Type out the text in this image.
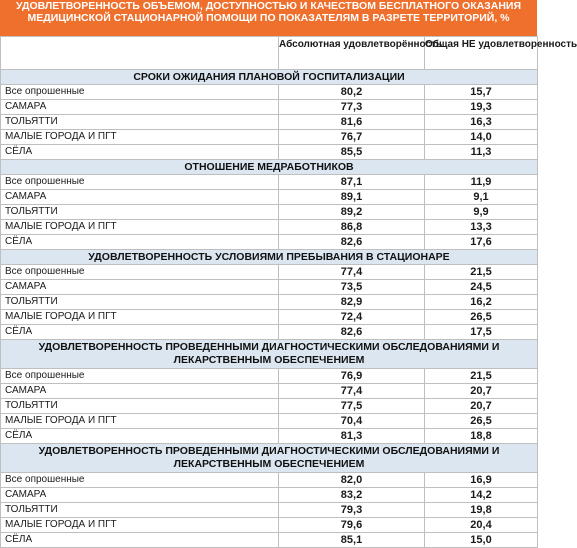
УДОВЛЕТВОРЕННОСТЬ ОБЪЕМОМ, ДОСТУПНОСТЬЮ И КАЧЕСТВОМ БЕСПЛАТНОГО ОКАЗАНИЯ МЕДИЦИНСКОЙ СТАЦИОНАРНОЙ ПОМОЩИ ПО ПОКАЗАТЕЛЯМ В РАЗРЕТЕ ТЕРРИТОРИЙ, %
	Абсолютная удовлетворённость	Общая НЕ удовлетворенность
СРОКИ ОЖИДАНИЯ ПЛАНОВОЙ ГОСПИТАЛИЗАЦИИ		
Все опрошенные	80,2	15,7
САМАРА	77,3	19,3
ТОЛЬЯТТИ	81,6	16,3
МАЛЫЕ ГОРОДА И ПГТ	76,7	14,0
СЁЛА	85,5	11,3
ОТНОШЕНИЕ МЕДРАБОТНИКОВ		
Все опрошенные	87,1	11,9
САМАРА	89,1	9,1
ТОЛЬЯТТИ	89,2	9,9
МАЛЫЕ ГОРОДА И ПГТ	86,8	13,3
СЁЛА	82,6	17,6
УДОВЛЕТВОРЕННОСТЬ УСЛОВИЯМИ ПРЕБЫВАНИЯ В СТАЦИОНАРЕ		
Все опрошенные	77,4	21,5
САМАРА	73,5	24,5
ТОЛЬЯТТИ	82,9	16,2
МАЛЫЕ ГОРОДА И ПГТ	72,4	26,5
СЁЛА	82,6	17,5
УДОВЛЕТВОРЕННОСТЬ ПРОВЕДЕННЫМИ ДИАГНОСТИЧЕСКИМИ ОБСЛЕДОВАНИЯМИ И ЛЕКАРСТВЕННЫМ ОБЕСПЕЧЕНИЕМ		
Все опрошенные	76,9	21,5
САМАРА	77,4	20,7
ТОЛЬЯТТИ	77,5	20,7
МАЛЫЕ ГОРОДА И ПГТ	70,4	26,5
СЁЛА	81,3	18,8
УДОВЛЕТВОРЕННОСТЬ ПРОВЕДЕННЫМИ ДИАГНОСТИЧЕСКИМИ ОБСЛЕДОВАНИЯМИ И ЛЕКАРСТВЕННЫМ ОБЕСПЕЧЕНИЕМ		
Все опрошенные	82,0	16,9
САМАРА	83,2	14,2
ТОЛЬЯТТИ	79,3	19,8
МАЛЫЕ ГОРОДА И ПГТ	79,6	20,4
СЁЛА	85,1	15,0
